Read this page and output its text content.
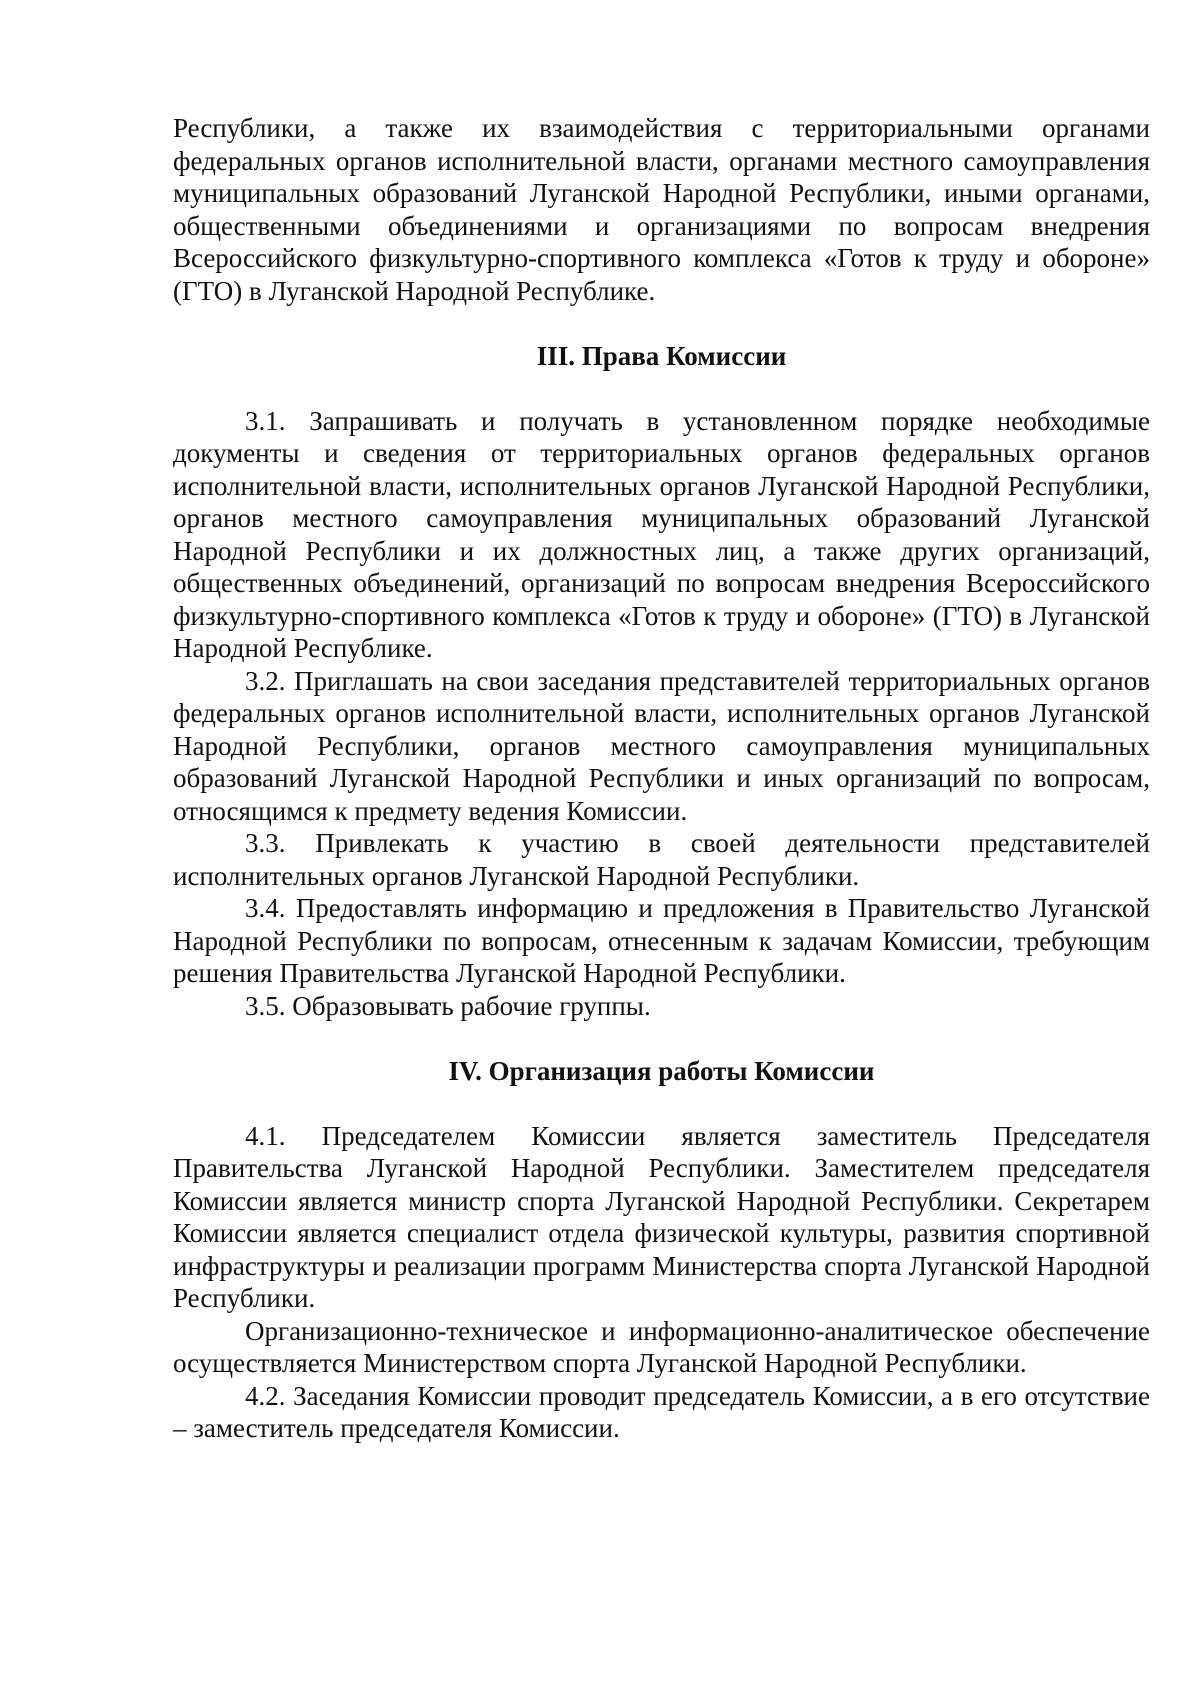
Республики, а также их взаимодействия с территориальными органами федеральных органов исполнительной власти, органами местного самоуправления муниципальных образований Луганской Народной Республики, иными органами, общественными объединениями и организациями по вопросам внедрения Всероссийского физкультурно-спортивного комплекса «Готов к труду и обороне» (ГТО) в Луганской Народной Республике.

III. Права Комиссии

3.1. Запрашивать и получать в установленном порядке необходимые документы и сведения от территориальных органов федеральных органов исполнительной власти, исполнительных органов Луганской Народной Республики, органов местного самоуправления муниципальных образований Луганской Народной Республики и их должностных лиц, а также других организаций, общественных объединений, организаций по вопросам внедрения Всероссийского физкультурно-спортивного комплекса «Готов к труду и обороне» (ГТО) в Луганской Народной Республике.

3.2. Приглашать на свои заседания представителей территориальных органов федеральных органов исполнительной власти, исполнительных органов Луганской Народной Республики, органов местного самоуправления муниципальных образований Луганской Народной Республики и иных организаций по вопросам, относящимся к предмету ведения Комиссии.

3.3. Привлекать к участию в своей деятельности представителей исполнительных органов Луганской Народной Республики.

3.4. Предоставлять информацию и предложения в Правительство Луганской Народной Республики по вопросам, отнесенным к задачам Комиссии, требующим решения Правительства Луганской Народной Республики.

3.5. Образовывать рабочие группы.

IV. Организация работы Комиссии

4.1. Председателем Комиссии является заместитель Председателя Правительства Луганской Народной Республики. Заместителем председателя Комиссии является министр спорта Луганской Народной Республики. Секретарем Комиссии является специалист отдела физической культуры, развития спортивной инфраструктуры и реализации программ Министерства спорта Луганской Народной Республики.

Организационно-техническое и информационно-аналитическое обеспечение осуществляется Министерством спорта Луганской Народной Республики.

4.2. Заседания Комиссии проводит председатель Комиссии, а в его отсутствие – заместитель председателя Комиссии.
